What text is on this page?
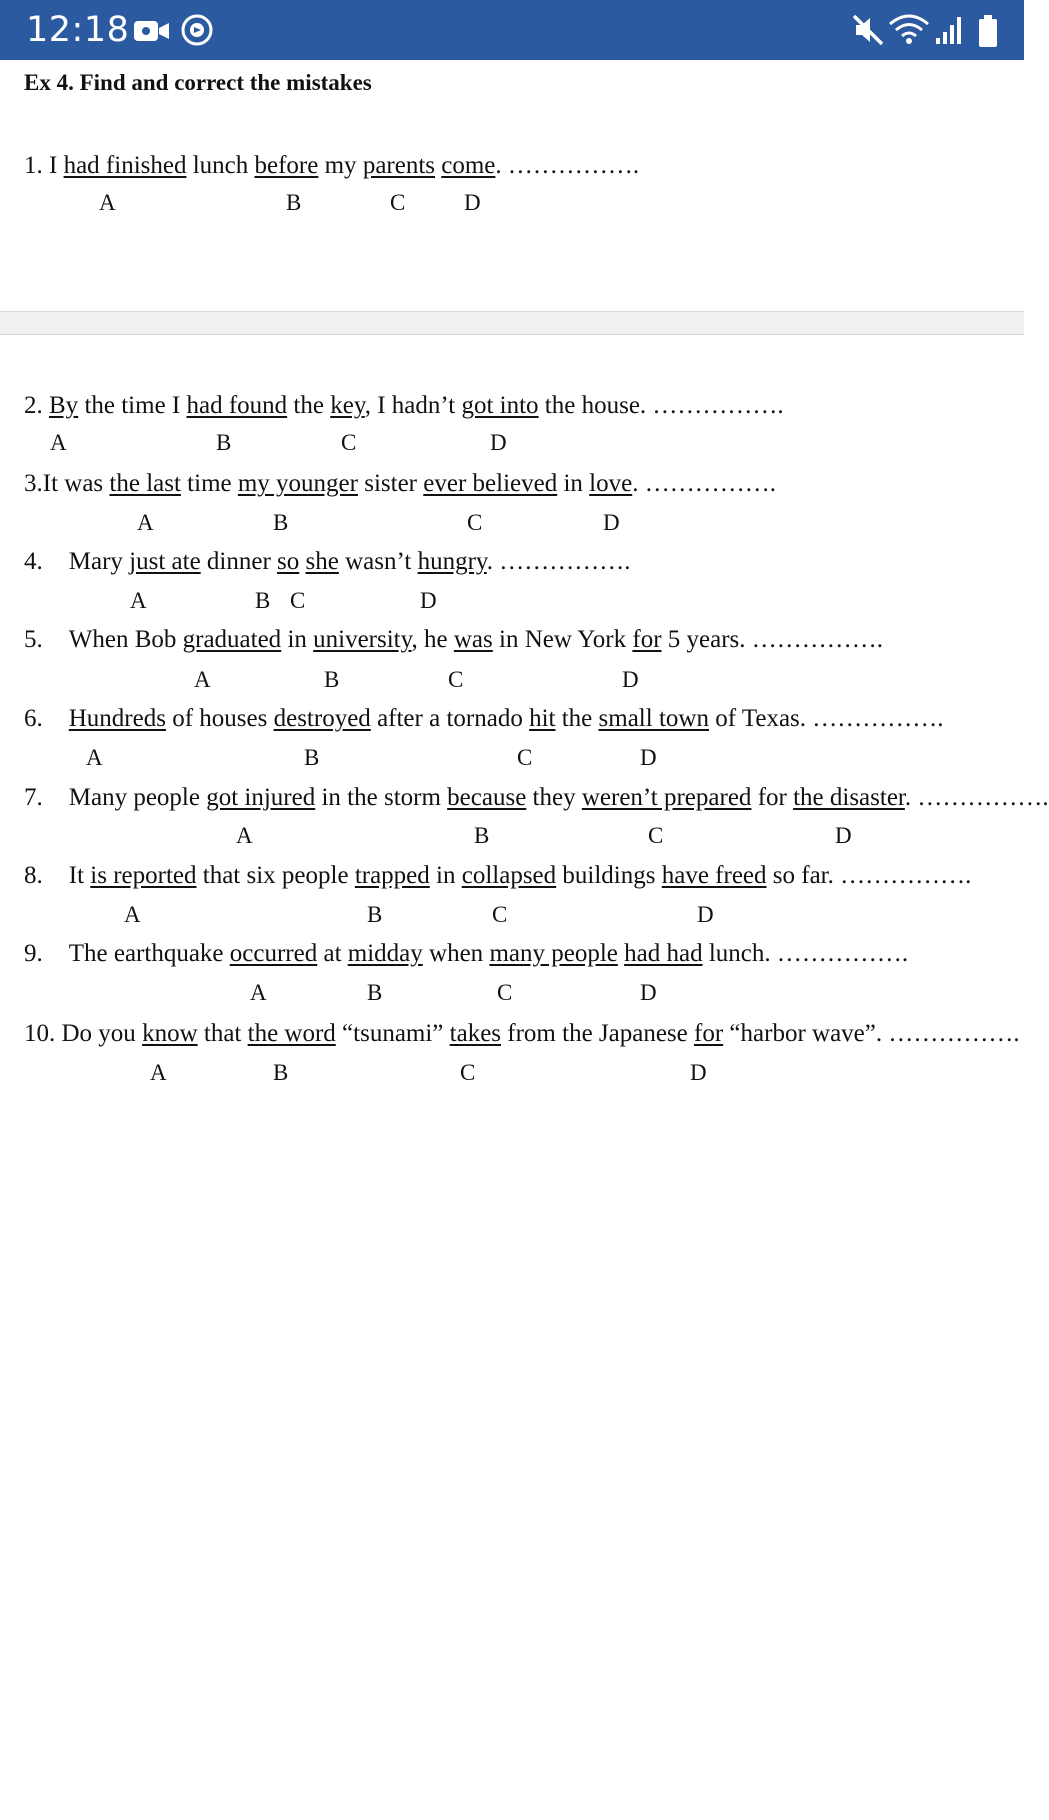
12:18
Ex 4. Find and correct the mistakes
1. I had finished lunch before my parents come. …………….
A	B	C	D
2. By the time I had found the key, I hadn’t got into the house. …………….
A	B	C	D
3.It was the last time my younger sister ever believed in love. …………….
A	B	C	D
4. Mary just ate dinner so she wasn’t hungry. …………….
A	B C	D
5. When Bob graduated in university, he was in New York for 5 years. …………….
A	B	C	D
6. Hundreds of houses destroyed after a tornado hit the small town of Texas. …………….
A	B	C	D
7. Many people got injured in the storm because they weren’t prepared for the disaster. …………….
A	B	C	D
8. It is reported that six people trapped in collapsed buildings have freed so far. …………….
A	B	C	D
9. The earthquake occurred at midday when many people had had lunch. …………….
A	B	C	D
10. Do you know that the word “tsunami” takes from the Japanese for “harbor wave”. …………….
A	B	C	D
